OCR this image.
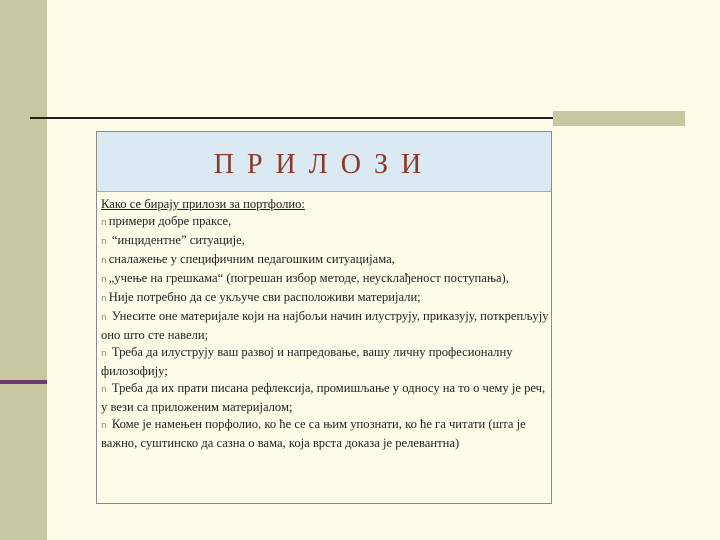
ПРИЛОЗИ

Како се бирају прилози за портфолио:

n примери добре праксе,

n “инцидентне” ситуације,

n сналажење у специфичним педагошким ситуацијама,

n „учење на грешкама“ (погрешан избор методе, неусклађеност поступања),

n Није потребно да се укључе сви расположиви материјали;

n Унесите оне материјале који на најбољи начин илуструју, приказују, поткрепљују оно што сте навели;

n Треба да илуструју ваш развој и напредовање, вашу личну професионалну филозофију;

n Треба да их прати писана рефлексија, промишљање у односу на то о чему је реч, у вези са приложеним материјалом;

n Коме је намењен порфолио, ко ће се са њим упознати, ко ће га читати (шта је важно, суштинско да сазна о вама, која врста доказа је релевантна)
